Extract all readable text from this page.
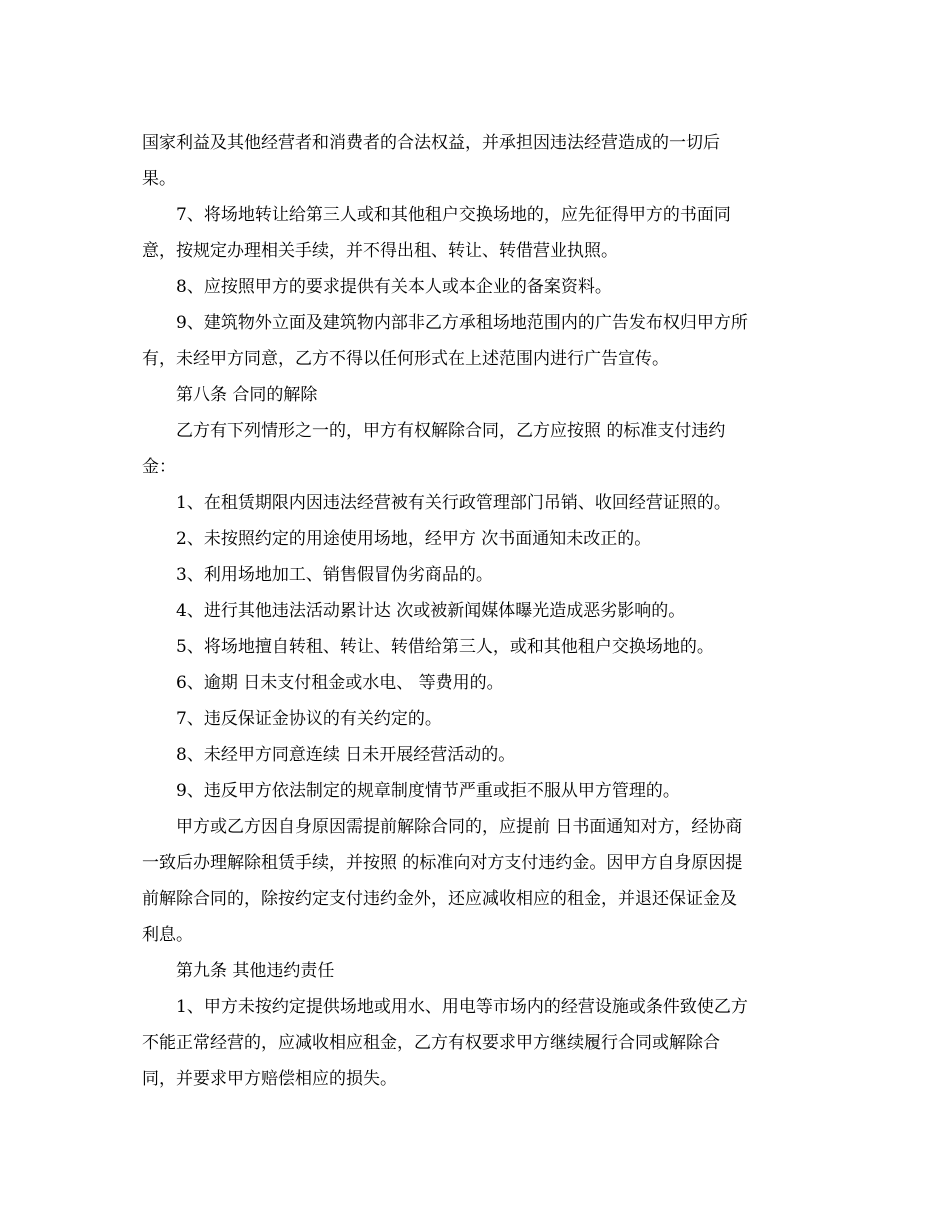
国家利益及其他经营者和消费者的合法权益，并承担因违法经营造成的一切后

果。

7、将场地转让给第三人或和其他租户交换场地的，应先征得甲方的书面同

意，按规定办理相关手续，并不得出租、转让、转借营业执照。

8、应按照甲方的要求提供有关本人或本企业的备案资料。

9、建筑物外立面及建筑物内部非乙方承租场地范围内的广告发布权归甲方所

有，未经甲方同意，乙方不得以任何形式在上述范围内进行广告宣传。

第八条 合同的解除

乙方有下列情形之一的，甲方有权解除合同，乙方应按照 的标准支付违约

金：

1、在租赁期限内因违法经营被有关行政管理部门吊销、收回经营证照的。

2、未按照约定的用途使用场地，经甲方 次书面通知未改正的。

3、利用场地加工、销售假冒伪劣商品的。

4、进行其他违法活动累计达 次或被新闻媒体曝光造成恶劣影响的。

5、将场地擅自转租、转让、转借给第三人，或和其他租户交换场地的。

6、逾期 日未支付租金或水电、 等费用的。

7、违反保证金协议的有关约定的。

8、未经甲方同意连续 日未开展经营活动的。

9、违反甲方依法制定的规章制度情节严重或拒不服从甲方管理的。

甲方或乙方因自身原因需提前解除合同的，应提前 日书面通知对方，经协商

一致后办理解除租赁手续，并按照 的标准向对方支付违约金。因甲方自身原因提

前解除合同的，除按约定支付违约金外，还应减收相应的租金，并退还保证金及

利息。

第九条 其他违约责任

1、甲方未按约定提供场地或用水、用电等市场内的经营设施或条件致使乙方

不能正常经营的，应减收相应租金，乙方有权要求甲方继续履行合同或解除合

同，并要求甲方赔偿相应的损失。
